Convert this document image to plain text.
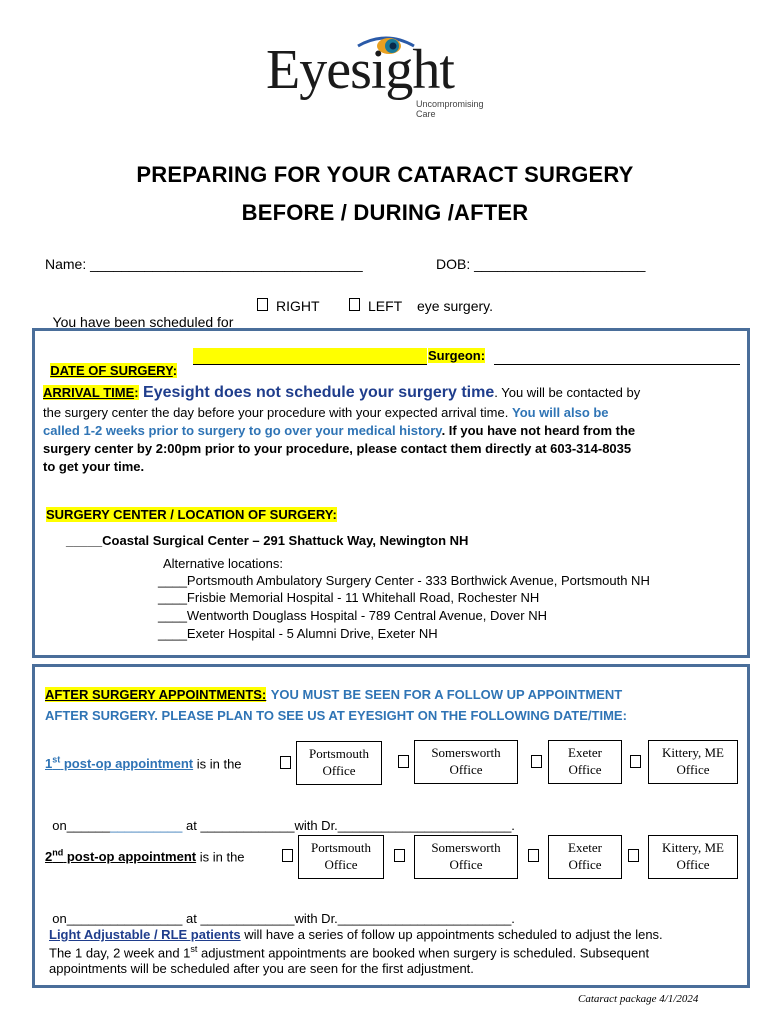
Eyesight
Uncompromising Care
PREPARING FOR YOUR CATARACT SURGERY
BEFORE / DURING /AFTER
Name: ___________________________________	DOB: ______________________

You have been scheduled for

RIGHT	LEFT eye surgery.

DATE OF SURGERY:

Surgeon:
ARRIVAL TIME: Eyesight does not schedule your surgery time. You will be contacted by
the surgery center the day before your procedure with your expected arrival time. You will also be
called 1-2 weeks prior to surgery to go over your medical history. If you have not heard from the
surgery center by 2:00pm prior to your procedure, please contact them directly at 603-314-8035
to get your time.
SURGERY CENTER / LOCATION OF SURGERY:
_____Coastal Surgical Center – 291 Shattuck Way, Newington NH
Alternative locations:
____Portsmouth Ambulatory Surgery Center - 333 Borthwick Avenue, Portsmouth NH
____Frisbie Memorial Hospital - 11 Whitehall Road, Rochester NH
____Wentworth Douglass Hospital - 789 Central Avenue, Dover NH
____Exeter Hospital - 5 Alumni Drive, Exeter NH
AFTER SURGERY APPOINTMENTS: YOU MUST BE SEEN FOR A FOLLOW UP APPOINTMENT
AFTER SURGERY. PLEASE PLAN TO SEE US AT EYESIGHT ON THE FOLLOWING DATE/TIME:
1st post-op appointment is in the
Portsmouth
Office
Somersworth
Office
Exeter
Office
Kittery, ME
Office

on________________ at _____________with Dr.________________________.

2nd post-op appointment is in the
Portsmouth
Office
Somersworth
Office
Exeter
Office
Kittery, ME
Office

on________________ at _____________with Dr.________________________.

Light Adjustable / RLE patients will have a series of follow up appointments scheduled to adjust the lens.
The 1 day, 2 week and 1st adjustment appointments are booked when surgery is scheduled. Subsequent
appointments will be scheduled after you are seen for the first adjustment.
Cataract package 4/1/2024
